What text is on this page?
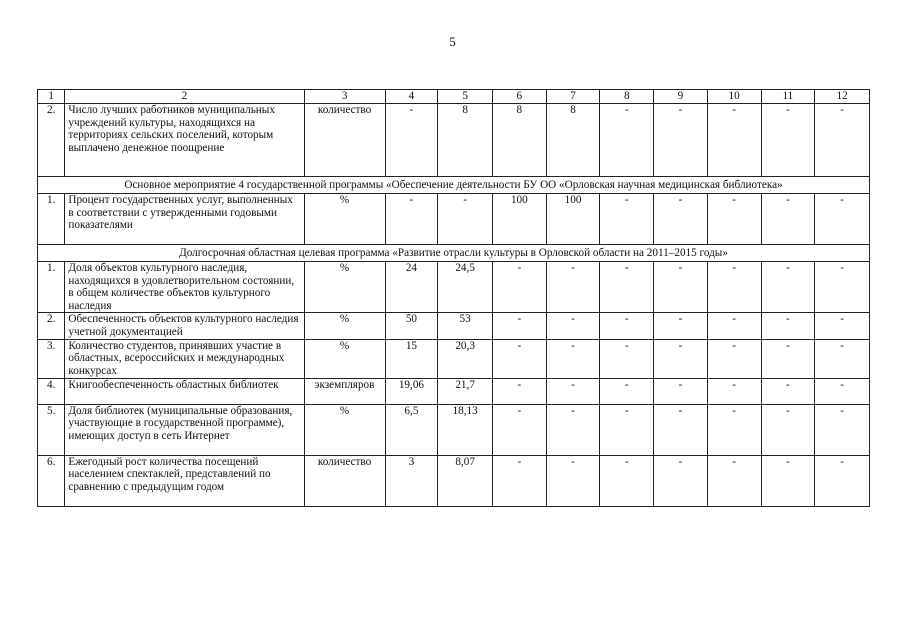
5
1	2	3	4	5	6	7	8	9	10	11	12
2.	Число лучших работников муниципальных учреждений культуры, находящихся на территориях сельских поселений, которым выплачено денежное поощрение	количество	-	8	8	8	-	-	-	-	-
Основное мероприятие 4 государственной программы «Обеспечение деятельности БУ ОО «Орловская научная медицинская библиотека»											
1.	Процент государственных услуг, выполненных в соответствии с утвержденными годовыми показателями	%	-	-	100	100	-	-	-	-	-
Долгосрочная областная целевая программа «Развитие отрасли культуры в Орловской области на 2011–2015 годы»											
1.	Доля объектов культурного наследия, находящихся в удовлетворительном состоянии, в общем количестве объектов культурного наследия	%	24	24,5	-	-	-	-	-	-	-
2.	Обеспеченность объектов культурного наследия учетной документацией	%	50	53	-	-	-	-	-	-	-
3.	Количество студентов, принявших участие в областных, всероссийских и международных конкурсах	%	15	20,3	-	-	-	-	-	-	-
4.	Книгообеспеченность областных библиотек	экземпляров	19,06	21,7	-	-	-	-	-	-	-
5.	Доля библиотек (муниципальные образования, участвующие в государственной программе), имеющих доступ в сеть Интернет	%	6,5	18,13	-	-	-	-	-	-	-
6.	Ежегодный рост количества посещений населением спектаклей, представлений по сравнению с предыдущим годом	количество	3	8,07	-	-	-	-	-	-	-
